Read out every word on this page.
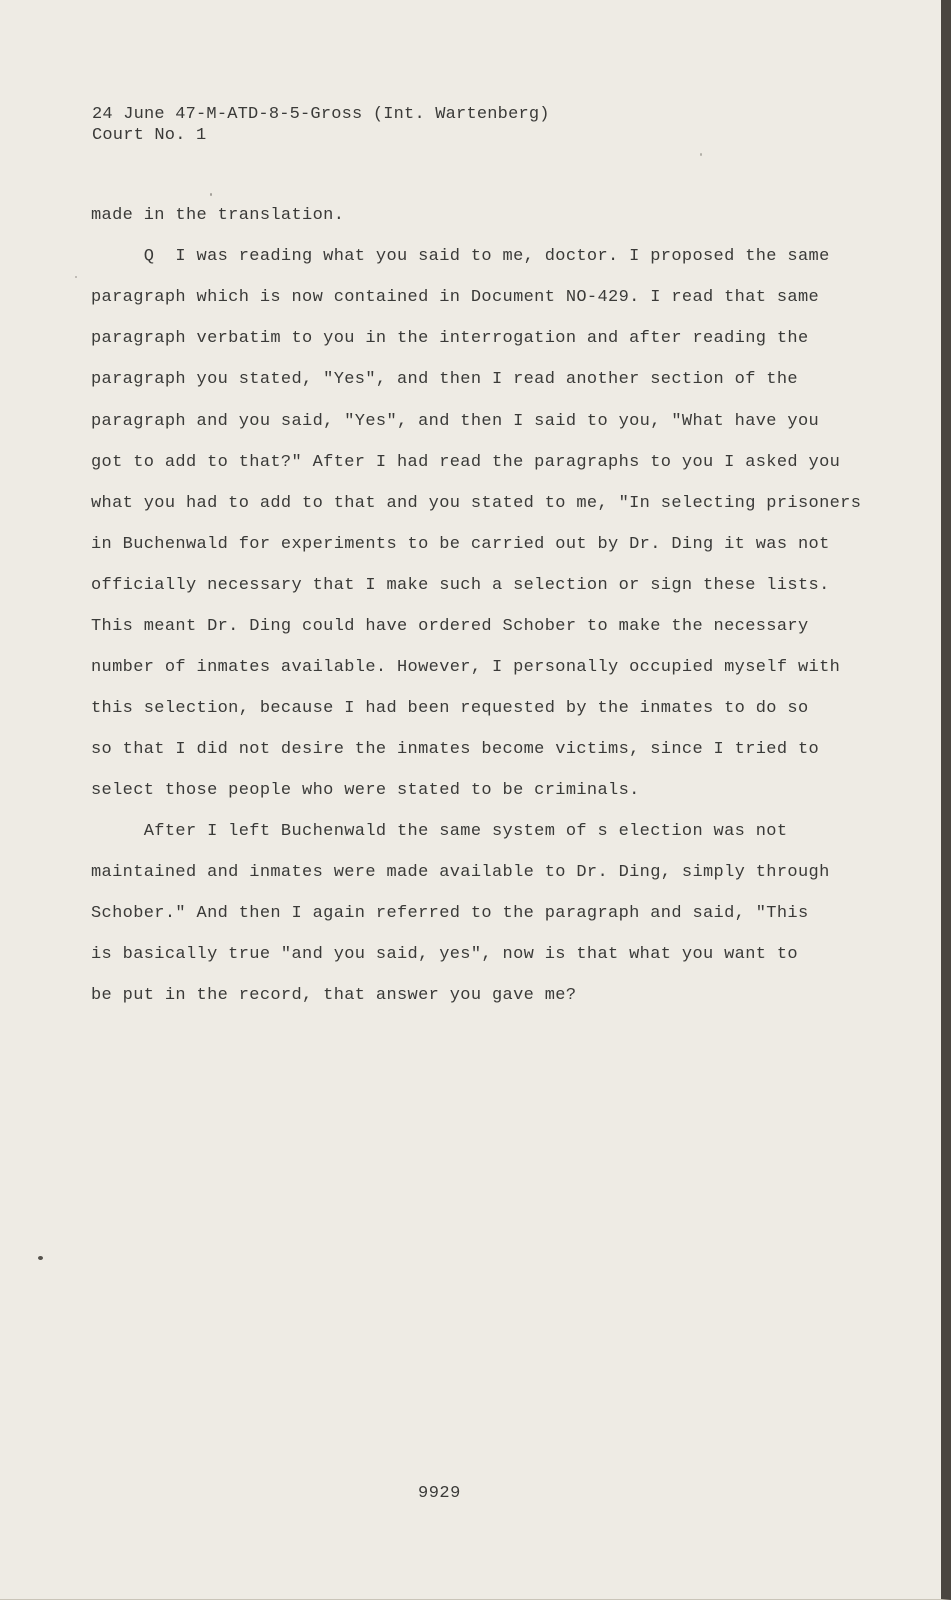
24 June 47-M-ATD-8-5-Gross (Int. Wartenberg)
Court No. 1
made in the translation.
Q  I was reading what you said to me, doctor. I proposed the same
paragraph which is now contained in Document NO-429. I read that same
paragraph verbatim to you in the interrogation and after reading the
paragraph you stated, "Yes", and then I read another section of the
paragraph and you said, "Yes", and then I said to you, "What have you
got to add to that?" After I had read the paragraphs to you I asked you
what you had to add to that and you stated to me, "In selecting prisoners
in Buchenwald for experiments to be carried out by Dr. Ding it was not
officially necessary that I make such a selection or sign these lists.
This meant Dr. Ding could have ordered Schober to make the necessary
number of inmates available. However, I personally occupied myself with
this selection, because I had been requested by the inmates to do so
so that I did not desire the inmates become victims, since I tried to
select those people who were stated to be criminals.
After I left Buchenwald the same system of s election was not
maintained and inmates were made available to Dr. Ding, simply through
Schober." And then I again referred to the paragraph and said, "This
is basically true "and you said, yes", now is that what you want to
be put in the record, that answer you gave me?
9929
